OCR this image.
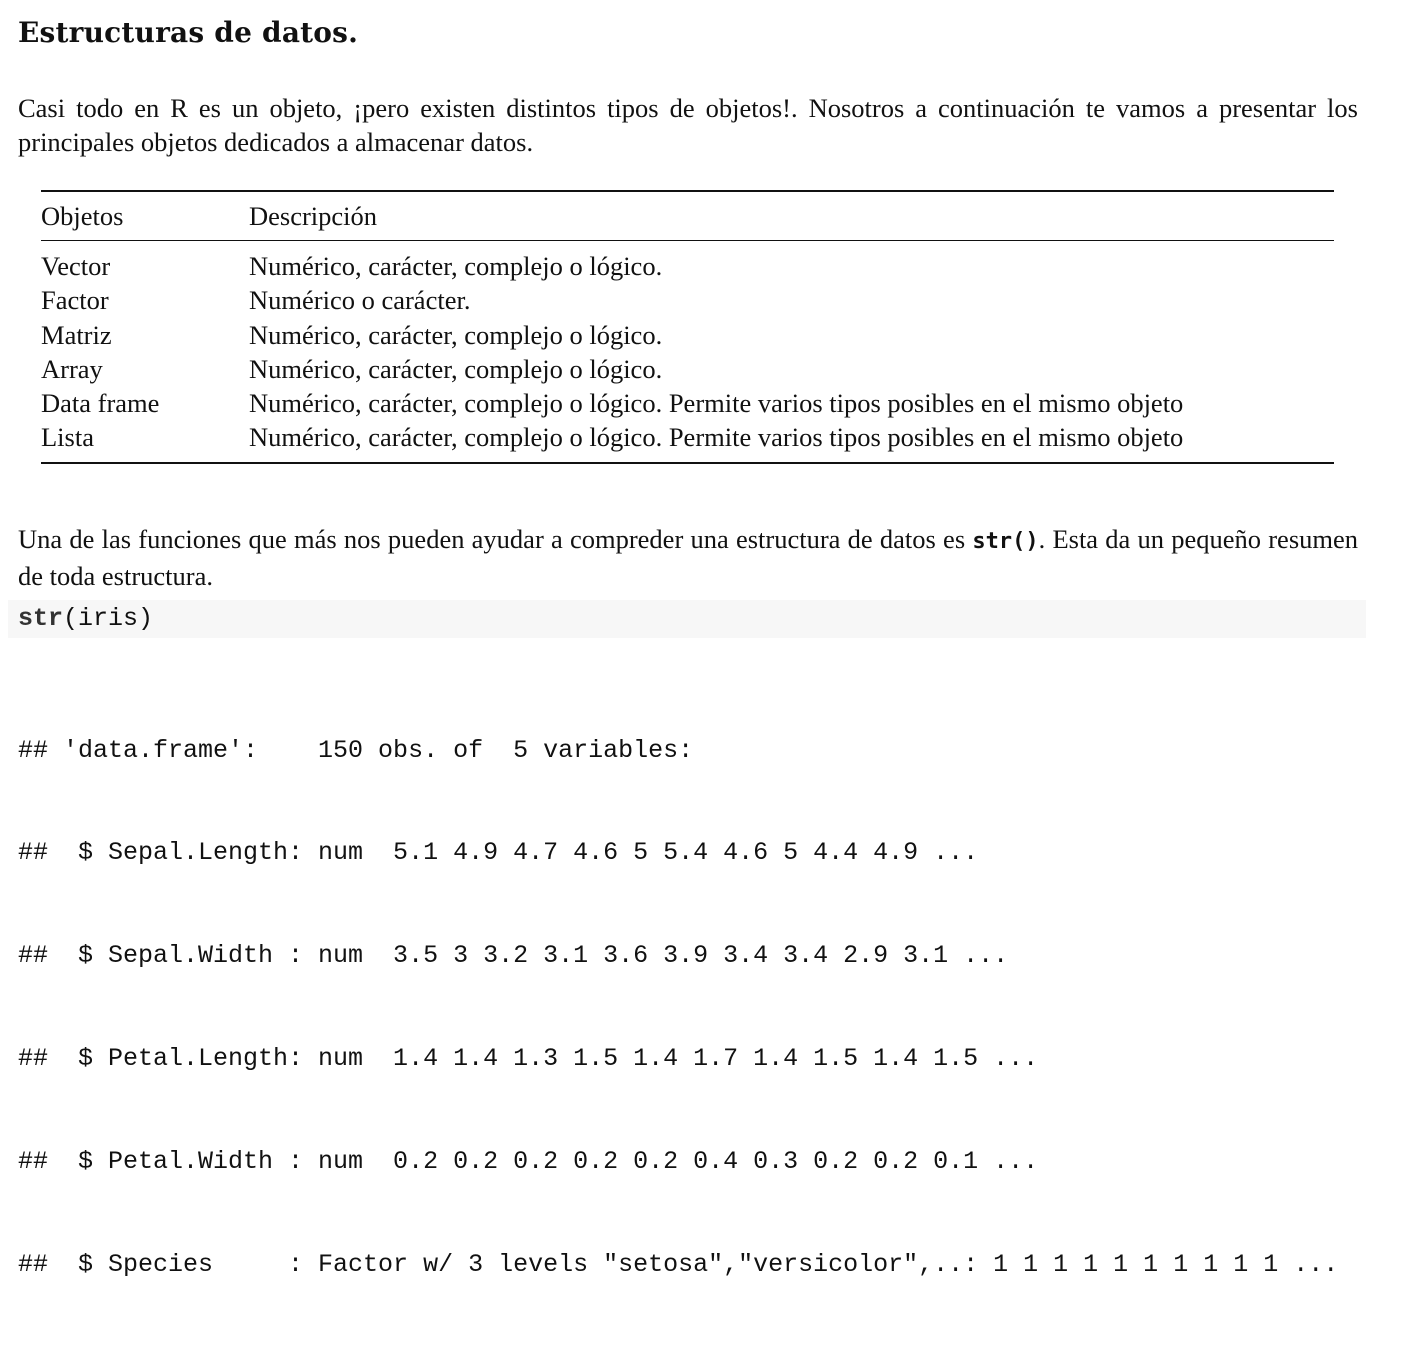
Estructuras de datos.

Casi todo en R es un objeto, ¡pero existen distintos tipos de objetos!. Nosotros a continuación te vamos a presentar los principales objetos dedicados a almacenar datos.

Objetos	Descripción
Vector	Numérico, carácter, complejo o lógico.
Factor	Numérico o carácter.
Matriz	Numérico, carácter, complejo o lógico.
Array	Numérico, carácter, complejo o lógico.
Data frame	Numérico, carácter, complejo o lógico. Permite varios tipos posibles en el mismo objeto
Lista	Numérico, carácter, complejo o lógico. Permite varios tipos posibles en el mismo objeto

Una de las funciones que más nos pueden ayudar a compreder una estructura de datos es str(). Esta da un pequeño resumen de toda estructura.

str(iris)

## 'data.frame':    150 obs. of  5 variables:

##  $ Sepal.Length: num  5.1 4.9 4.7 4.6 5 5.4 4.6 5 4.4 4.9 ...

##  $ Sepal.Width : num  3.5 3 3.2 3.1 3.6 3.9 3.4 3.4 2.9 3.1 ...

##  $ Petal.Length: num  1.4 1.4 1.3 1.5 1.4 1.7 1.4 1.5 1.4 1.5 ...

##  $ Petal.Width : num  0.2 0.2 0.2 0.2 0.2 0.4 0.3 0.2 0.2 0.1 ...

##  $ Species     : Factor w/ 3 levels "setosa","versicolor",..: 1 1 1 1 1 1 1 1 1 1 ...
